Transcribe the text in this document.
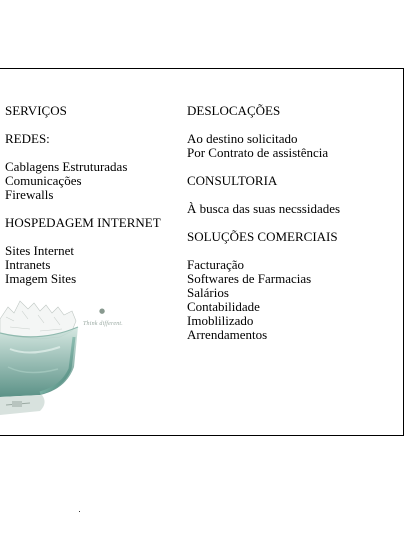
SERVIÇOS
REDES:
Cablagens Estruturadas
Comunicações
Firewalls
HOSPEDAGEM INTERNET
Sites Internet
Intranets
Imagem Sites
DESLOCAÇÕES
Ao destino solicitado
Por Contrato de assistência
CONSULTORIA
À busca das suas necssidades
SOLUÇÕES COMERCIAIS
Facturação
Softwares de Farmacias
Salários
Contabilidade
Imoblilizado
Arrendamentos
●
Think different.
